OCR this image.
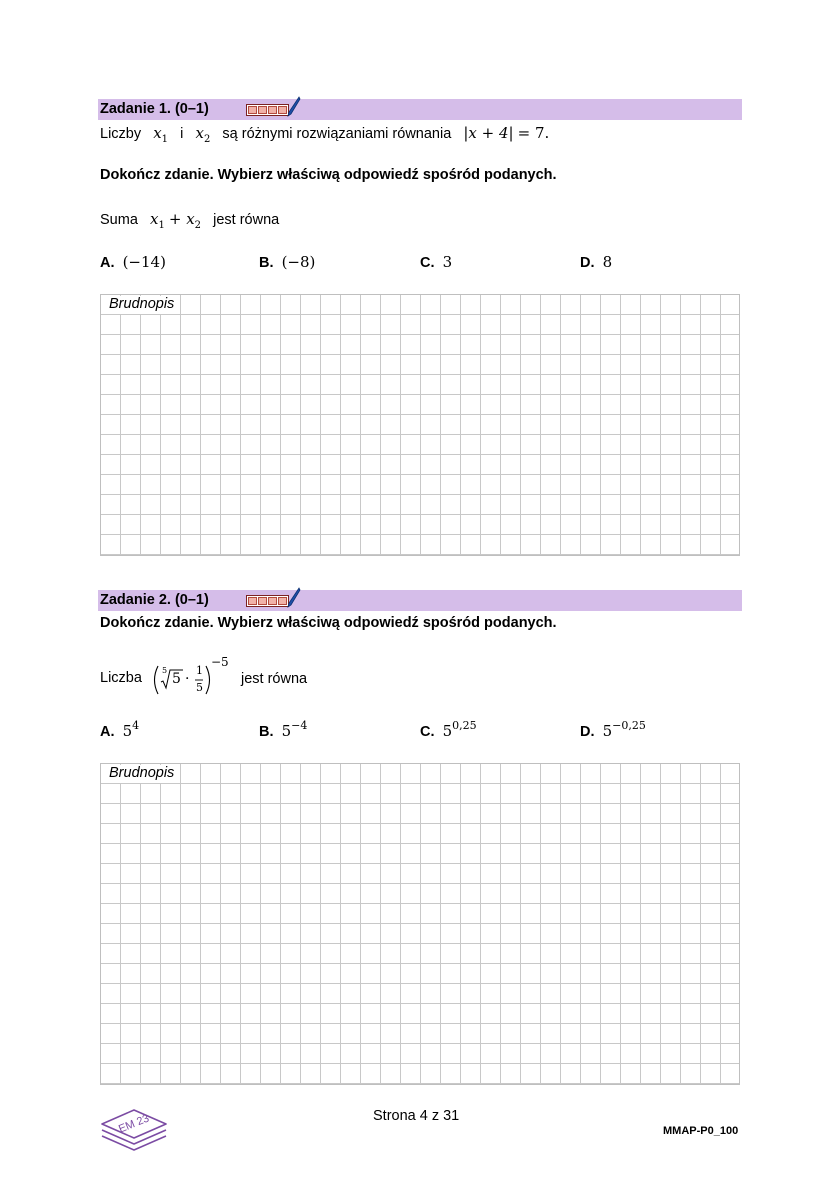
Zadanie 1. (0–1)
Liczby $x_1$ i $x_2$ są różnymi rozwiązaniami równania |x + 4| = 7.
Dokończ zdanie. Wybierz właściwą odpowiedź spośród podanych.
Suma $x_1 + x_2$ jest równa
A. (−14)	B. (−8)	C. 3	D. 8
Brudnopis
Zadanie 2. (0–1)
Dokończ zdanie. Wybierz właściwą odpowiedź spośród podanych.
Liczba	5
5 ·
1
5
−5
jest równa
A. $5^4$	B. $5^{-4}$	C. 5$^{0,25}$	D. $5^{-0,25}$
Brudnopis
EM 23	Strona 4 z 31
MMAP-P0_100
